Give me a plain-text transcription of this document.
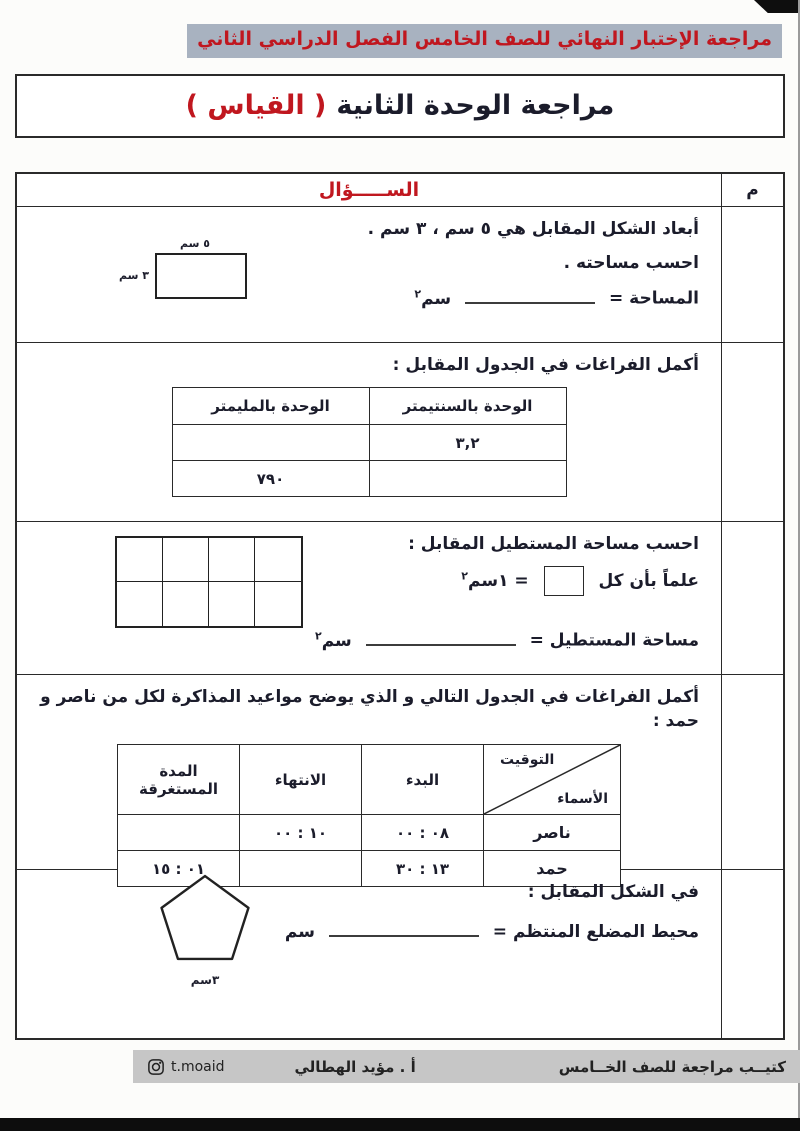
مراجعة الإختبار النهائي للصف الخامس الفصل الدراسي الثاني
مراجعة الوحدة الثانية
( القياس )
م
الســـــؤال
أبعاد الشكل المقابل هي ٥ سم ، ٣ سم .
احسب مساحته .
المساحة =  سم$^٢$
٥ سم
٣ سم
أكمل الفراغات في الجدول المقابل :
الوحدة بالسنتيمتر	الوحدة بالمليمتر
٣,٢	
	٧٩٠
احسب مساحة المستطيل المقابل :
علماً بأن كل  = ١سم$^٢$
مساحة المستطيل =  سم$^٢$
أكمل الفراغات في الجدول التالي و الذي يوضح مواعيد المذاكرة لكل من ناصر و حمد :
التوقيت
الأسماء	البدء	الانتهاء	المدة المستغرقة
ناصر	٠٨ : ٠٠	١٠ : ٠٠	
حمد	١٣ : ٣٠		٠١ : ١٥
في الشكل المقابل :
محيط المضلع المنتظم =  سم
٣سم
كتيــب مراجعة للصف الخــامس
أ . مؤيد الهطالي
t.moaid
